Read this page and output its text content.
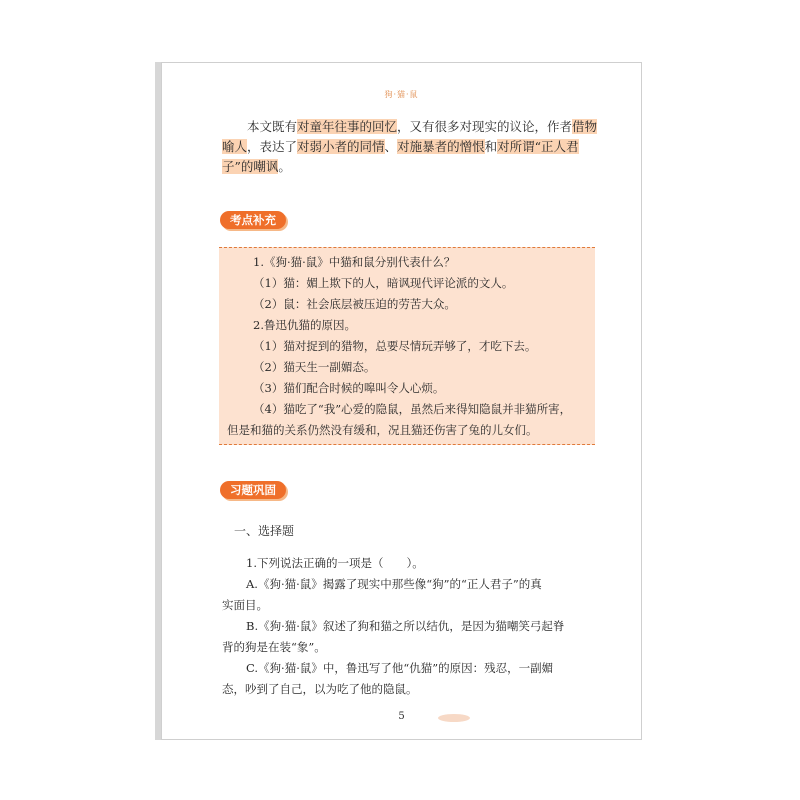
狗·猫·鼠
本文既有对童年往事的回忆，又有很多对现实的议论，作者借物喻人，表达了对弱小者的同情、对施暴者的憎恨和对所谓“正人君子”的嘲讽。
考点补充

1.《狗·猫·鼠》中猫和鼠分别代表什么？

（1）猫：媚上欺下的人，暗讽现代评论派的文人。

（2）鼠：社会底层被压迫的劳苦大众。

2.鲁迅仇猫的原因。

（1）猫对捉到的猎物，总要尽情玩弄够了，才吃下去。

（2）猫天生一副媚态。

（3）猫们配合时候的嗥叫令人心烦。

（4）猫吃了“我”心爱的隐鼠，虽然后来得知隐鼠并非猫所害，

但是和猫的关系仍然没有缓和，况且猫还伤害了兔的儿女们。

习题巩固

一、选择题

1.下列说法正确的一项是（　　）。

A.《狗·猫·鼠》揭露了现实中那些像“狗”的“正人君子”的真

实面目。

B.《狗·猫·鼠》叙述了狗和猫之所以结仇，是因为猫嘲笑弓起脊

背的狗是在装“象”。

C.《狗·猫·鼠》中，鲁迅写了他“仇猫”的原因：残忍，一副媚

态，吵到了自己，以为吃了他的隐鼠。

5
